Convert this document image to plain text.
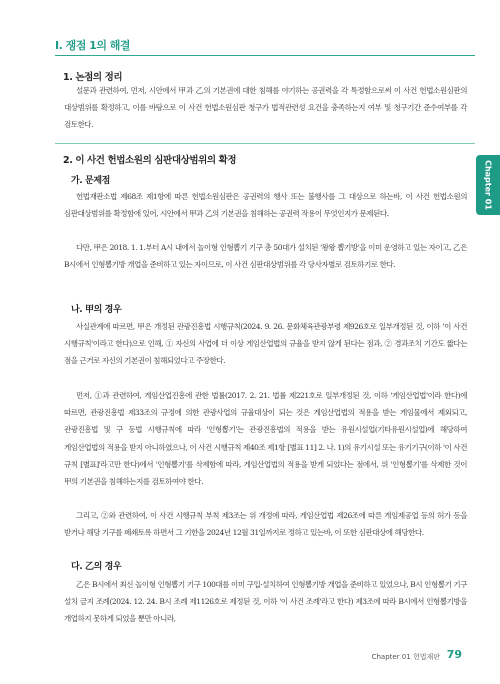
I. 쟁점 1의 해결
1. 논점의 정리
설문과 관련하여, 먼저, 시안에서 甲과 乙의 기본권에 대한 침해를 야기하는 공권력을 각 특정함으로써 이 사건 헌법소원심판의 대상범위를 확정하고, 이를 바탕으로 이 사건 헌법소원심판 청구가 법적관련성 요건을 충족하는지 여부 및 청구기간 준수여부를 각 검토한다.
2. 이 사건 헌법소원의 심판대상범위의 확정
가. 문제점
헌법재판소법 제68조 제1항에 따른 헌법소원심판은 공권력의 행사 또는 불행사를 그 대상으로 하는바, 이 사건 헌법소원의 심판대상범위를 확정함에 있어, 시안에서 甲과 乙의 기본권을 침해하는 공권력 작용이 무엇인지가 문제된다.
다만, 甲은 2018. 1. 1.부터 A시 내에서 놀이형 인형뽑기 기구 총 50대가 설치된 '왕왕 뽑기방'을 이미 운영하고 있는 자이고, 乙은 B시에서 인형뽑기방 개업을 준비하고 있는 자이므로, 이 사건 심판대상범위를 각 당사자별로 검토하기로 한다.
나. 甲의 경우
사실관계에 따르면, 甲은 개정된 관광진흥법 시행규칙(2024. 9. 26. 문화체육관광부령 제926호로 일부개정된 것, 이하 '이 사건 시행규칙'이라고 한다)으로 인해, ① 자신의 사업에 더 이상 게임산업법의 규율을 받지 않게 된다는 점과, ② 경과조치 기간도 짧다는 점을 근거로 자신의 기본권이 침해되었다고 주장한다.
먼저, ①과 관련하여, 게임산업진흥에 관한 법률(2017. 2. 21. 법률 제221호로 일부개정된 것, 이하 '게임산업법'이라 한다)에 따르면, 관광진흥법 제33조의 규정에 의한 관광사업의 규율대상이 되는 것은 게임산업법의 적용을 받는 게임물에서 제외되고, 관광진흥법 및 구 동법 시행규칙에 따라 '인형뽑기'는 관광진흥법의 적용을 받는 유원시설업(기타유원시설업)에 해당하여 게임산업법의 적용을 받지 아니하였으나, 이 사건 시행규칙 제40조 제1항 [별표 11] 2. 나. 1)의 유기시설 또는 유기기구(이하 '이 사건 규칙 [별표]'라고만 한다)에서 '인형뽑기'를 삭제함에 따라, 게임산업법의 적용을 받게 되었다는 점에서, 위 '인형뽑기'를 삭제한 것이 甲의 기본권을 침해하는지를 검토하여야 한다.
그리고, ②와 관련하여, 이 사건 시행규칙 부칙 제3조는 위 개정에 따라, 게임산업법 제26조에 따른 게임제공업 등의 허가 등을 받거나 해당 기구를 폐쇄토록 하면서 그 기한을 2024년 12월 31일까지로 정하고 있는바, 이 또한 심판대상에 해당한다.
다. 乙의 경우
乙은 B시에서 최신 놀이형 인형뽑기 기구 100대를 이미 구입·설치하여 인형뽑기방 개업을 준비하고 있었으나, B시 인형뽑기 기구 설치 금지 조례(2024. 12. 24. B시 조례 제1126호로 제정된 것, 이하 '이 사건 조례'라고 한다) 제3조에 따라 B시에서 인형뽑기방을 개업하지 못하게 되었을 뿐만 아니라,
Chapter 01
Chapter 01 헌법재판 79
